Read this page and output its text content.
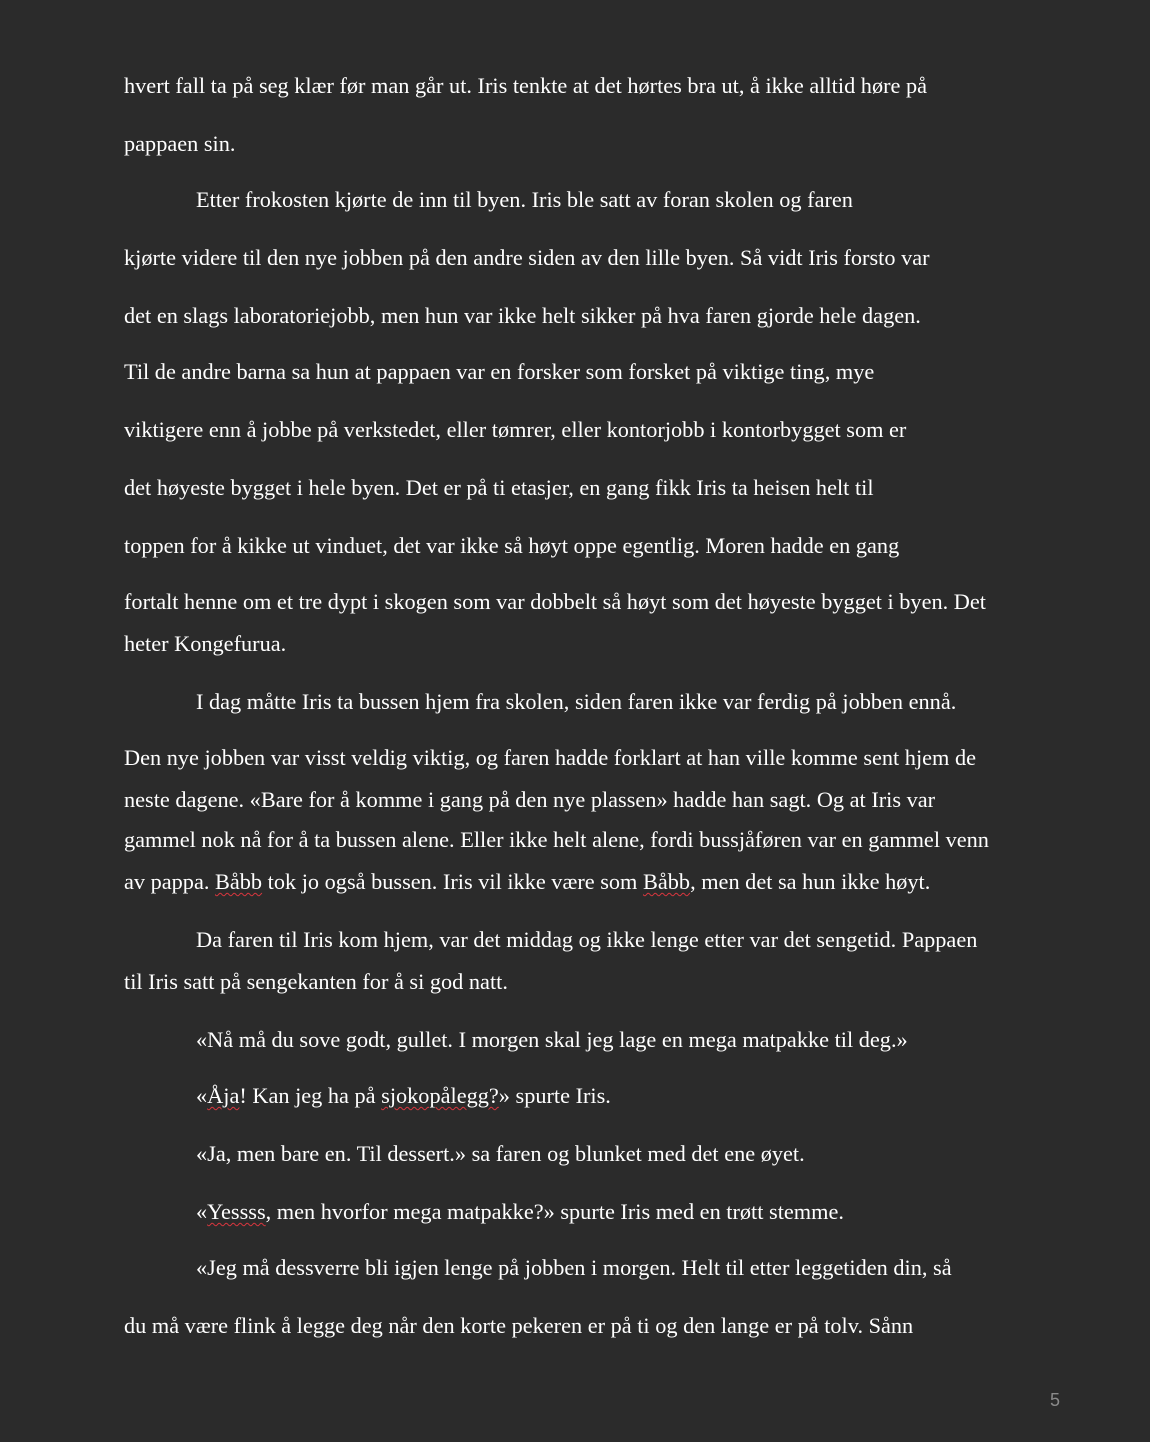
hvert fall ta på seg klær før man går ut. Iris tenkte at det hørtes bra ut, å ikke alltid høre på

pappaen sin.

Etter frokosten kjørte de inn til byen. Iris ble satt av foran skolen og faren

kjørte videre til den nye jobben på den andre siden av den lille byen. Så vidt Iris forsto var

det en slags laboratoriejobb, men hun var ikke helt sikker på hva faren gjorde hele dagen.

Til de andre barna sa hun at pappaen var en forsker som forsket på viktige ting, mye

viktigere enn å jobbe på verkstedet, eller tømrer, eller kontorjobb i kontorbygget som er

det høyeste bygget i hele byen. Det er på ti etasjer, en gang fikk Iris ta heisen helt til

toppen for å kikke ut vinduet, det var ikke så høyt oppe egentlig. Moren hadde en gang

fortalt henne om et tre dypt i skogen som var dobbelt så høyt som det høyeste bygget i byen. Det

heter Kongefurua.

I dag måtte Iris ta bussen hjem fra skolen, siden faren ikke var ferdig på jobben ennå.

Den nye jobben var visst veldig viktig, og faren hadde forklart at han ville komme sent hjem de

neste dagene. «Bare for å komme i gang på den nye plassen» hadde han sagt. Og at Iris var

gammel nok nå for å ta bussen alene. Eller ikke helt alene, fordi bussjåføren var en gammel venn

av pappa. Båbb tok jo også bussen. Iris vil ikke være som Båbb, men det sa hun ikke høyt.

Da faren til Iris kom hjem, var det middag og ikke lenge etter var det sengetid. Pappaen

til Iris satt på sengekanten for å si god natt.

«Nå må du sove godt, gullet. I morgen skal jeg lage en mega matpakke til deg.»

«Åja! Kan jeg ha på sjokopålegg?» spurte Iris.

«Ja, men bare en. Til dessert.» sa faren og blunket med det ene øyet.

«Yessss, men hvorfor mega matpakke?» spurte Iris med en trøtt stemme.

«Jeg må dessverre bli igjen lenge på jobben i morgen. Helt til etter leggetiden din, så

du må være flink å legge deg når den korte pekeren er på ti og den lange er på tolv. Sånn

5
